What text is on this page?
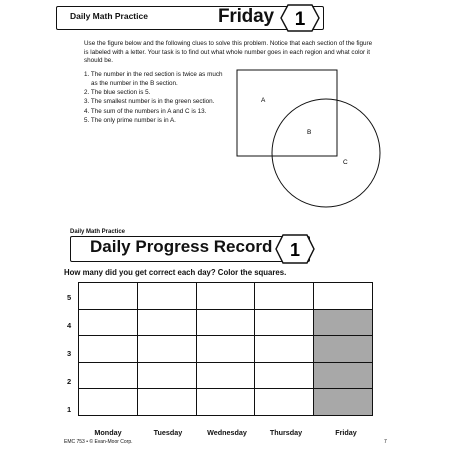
Daily Math Practice	Friday 1
Use the figure below and the following clues to solve this problem. Notice that each section of the figure is labeled with a letter. Your task is to find out what whole number goes in each region and what color it should be.
1. The number in the red section is twice as much
as the number in the B section.
2. The blue section is 5.
3. The smallest number is in the green section.
4. The sum of the numbers in A and C is 13.
5. The only prime number is in A.
A
B
C
Daily Math Practice
Daily Progress Record 1
How many did you get correct each day? Color the squares.
5
4
3
2
1

Monday	Tuesday	Wednesday	Thursday	Friday
EMC 753 • © Evan-Moor Corp.	7
